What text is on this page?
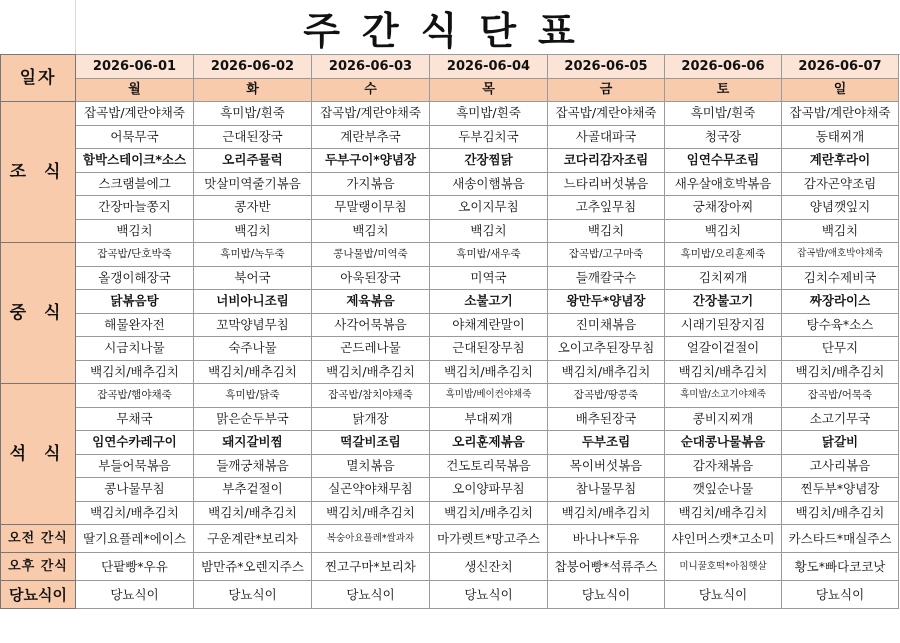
주간식단표
일자	2026-06-01	2026-06-02	2026-06-03	2026-06-04	2026-06-05	2026-06-06	2026-06-07
	월	화	수	목	금	토	일
조 식	잡곡밥/계란야채죽	흑미밥/흰죽	잡곡밥/계란야채죽	흑미밥/흰죽	잡곡밥/계란야채죽	흑미밥/흰죽	잡곡밥/계란야채죽
	어묵무국	근대된장국	계란부추국	두부김치국	사골대파국	청국장	동태찌개
	함박스테이크*소스	오리주물럭	두부구이*양념장	간장찜닭	코다리감자조림	임연수무조림	계란후라이
	스크램블에그	맛살미역줄기볶음	가지볶음	새송이햄볶음	느타리버섯볶음	새우살애호박볶음	감자곤약조림
	간장마늘쫑지	콩자반	무말랭이무침	오이지무침	고추잎무침	궁채장아찌	양념깻잎지
	백김치	백김치	백김치	백김치	백김치	백김치	백김치
중 식	잡곡밥/단호박죽	흑미밥/녹두죽	콩나물밥/미역죽	흑미밥/새우죽	잡곡밥/고구마죽	흑미밥/오리훈제죽	잡곡밥/애호박야채죽
	올갱이해장국	북어국	아욱된장국	미역국	들깨칼국수	김치찌개	김치수제비국
	닭볶음탕	너비아니조림	제육볶음	소불고기	왕만두*양념장	간장불고기	짜장라이스
	해물완자전	꼬막양념무침	사각어묵볶음	야채계란말이	진미채볶음	시래기된장지짐	탕수육*소스
	시금치나물	숙주나물	곤드레나물	근대된장무침	오이고추된장무침	얼갈이겉절이	단무지
	백김치/배추김치	백김치/배추김치	백김치/배추김치	백김치/배추김치	백김치/배추김치	백김치/배추김치	백김치/배추김치
석 식	잡곡밥/햄야채죽	흑미밥/닭죽	잡곡밥/참치야채죽	흑미밥/베이컨야채죽	잡곡밥/땅콩죽	흑미밥/소고기야채죽	잡곡밥/어묵죽
	무채국	맑은순두부국	닭개장	부대찌개	배추된장국	콩비지찌개	소고기무국
	임연수카레구이	돼지갈비찜	떡갈비조림	오리훈제볶음	두부조림	순대콩나물볶음	닭갈비
	부들어묵볶음	들깨궁채볶음	멸치볶음	건도토리묵볶음	목이버섯볶음	감자채볶음	고사리볶음
	콩나물무침	부추겉절이	실곤약야채무침	오이양파무침	참나물무침	깻잎순나물	찐두부*양념장
	백김치/배추김치	백김치/배추김치	백김치/배추김치	백김치/배추김치	백김치/배추김치	백김치/배추김치	백김치/배추김치
오전 간식	딸기요플레*에이스	구운계란*보리차	복숭아요플레*쌀과자	마가렛트*망고주스	바나나*두유	샤인머스캣*고소미	카스타드*매실주스
오후 간식	단팥빵*우유	밤만쥬*오렌지주스	찐고구마*보리차	생신잔치	찹붕어빵*석류주스	미니꿀호떡*아침햇살	황도*빠다코코낫
당뇨식이	당뇨식이	당뇨식이	당뇨식이	당뇨식이	당뇨식이	당뇨식이	당뇨식이
